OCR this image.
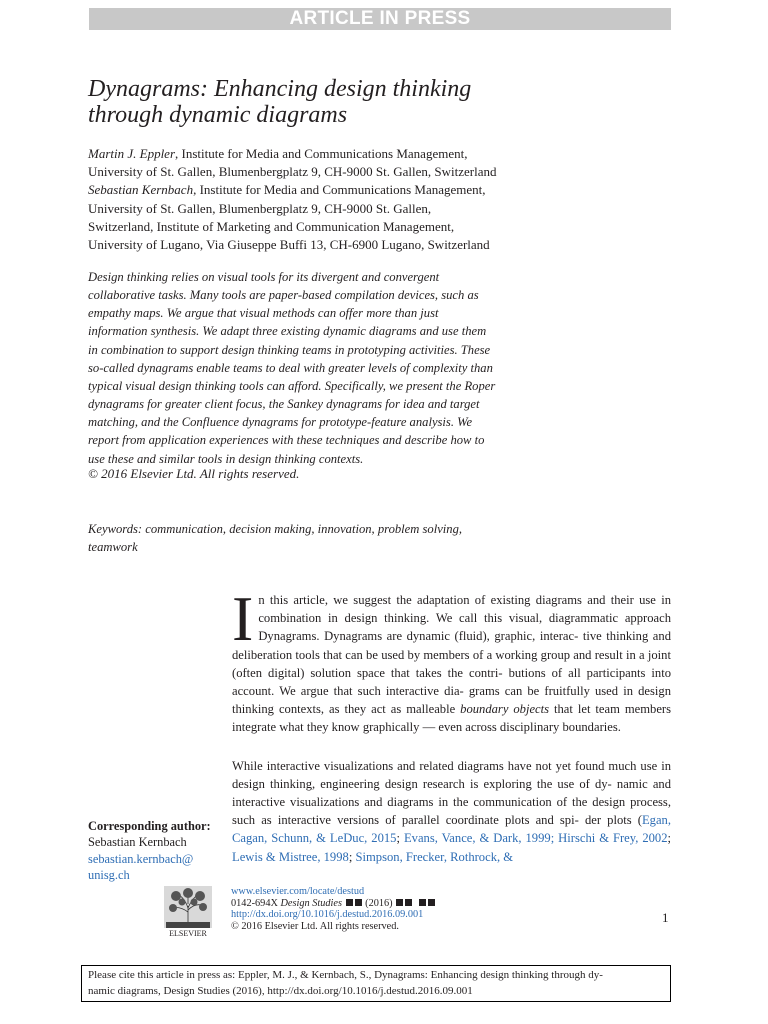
ARTICLE IN PRESS
Dynagrams: Enhancing design thinking
through dynamic diagrams

Martin J. Eppler, Institute for Media and Communications Management,

University of St. Gallen, Blumenbergplatz 9, CH-9000 St. Gallen, Switzerland

Sebastian Kernbach, Institute for Media and Communications Management,

University of St. Gallen, Blumenbergplatz 9, CH-9000 St. Gallen,

Switzerland, Institute of Marketing and Communication Management,

University of Lugano, Via Giuseppe Buffi 13, CH-6900 Lugano, Switzerland

Design thinking relies on visual tools for its divergent and convergent

collaborative tasks. Many tools are paper-based compilation devices, such as

empathy maps. We argue that visual methods can offer more than just

information synthesis. We adapt three existing dynamic diagrams and use them

in combination to support design thinking teams in prototyping activities. These

so-called dynagrams enable teams to deal with greater levels of complexity than

typical visual design thinking tools can afford. Specifically, we present the Roper

dynagrams for greater client focus, the Sankey dynagrams for idea and target

matching, and the Confluence dynagrams for prototype-feature analysis. We

report from application experiences with these techniques and describe how to

use these and similar tools in design thinking contexts.

© 2016 Elsevier Ltd. All rights reserved.
Keywords: communication, decision making, innovation, problem solving,
teamwork

I n this article, we suggest the adaptation of existing diagrams and their use in combination in design thinking. We call this visual, diagrammatic approach Dynagrams. Dynagrams are dynamic (fluid), graphic, interac- tive thinking and deliberation tools that can be used by members of a working group and result in a joint (often digital) solution space that takes the contri- butions of all participants into account. We argue that such interactive dia- grams can be fruitfully used in design thinking contexts, as they act as malleable boundary objects that let team members integrate what they know graphically — even across disciplinary boundaries.

While interactive visualizations and related diagrams have not yet found much use in design thinking, engineering design research is exploring the use of dy- namic and interactive visualizations and diagrams in the communication of the design process, such as interactive versions of parallel coordinate plots and spi- der plots (Egan, Cagan, Schunn, & LeDuc, 2015; Evans, Vance, & Dark, 1999; Hirschi & Frey, 2002; Lewis & Mistree, 1998; Simpson, Frecker, Rothrock, &

Corresponding author:
Sebastian Kernbach
sebastian.kernbach@
unisg.ch
ELSEVIER
www.elsevier.com/locate/destud
0142-694X Design Studies (2016)
http://dx.doi.org/10.1016/j.destud.2016.09.001
© 2016 Elsevier Ltd. All rights reserved.
1
Please cite this article in press as: Eppler, M. J., & Kernbach, S., Dynagrams: Enhancing design thinking through dy-
namic diagrams, Design Studies (2016), http://dx.doi.org/10.1016/j.destud.2016.09.001
